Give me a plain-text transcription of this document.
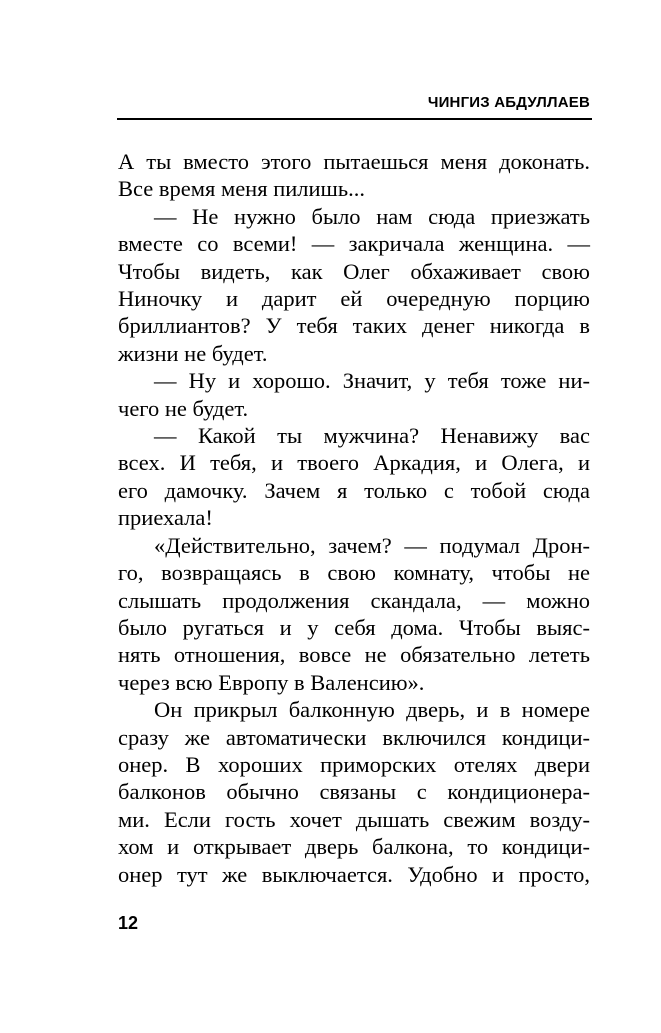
ЧИНГИЗ АБДУЛЛАЕВ
А ты вместо этого пытаешься меня доконать.
Все время меня пилишь...
— Не нужно было нам сюда приезжать
вместе со всеми! — закричала женщина. —
Чтобы видеть, как Олег обхаживает свою
Ниночку и дарит ей очередную порцию
бриллиантов? У тебя таких денег никогда в
жизни не будет.
— Ну и хорошо. Значит, у тебя тоже ни-
чего не будет.
— Какой ты мужчина? Ненавижу вас
всех. И тебя, и твоего Аркадия, и Олега, и
его дамочку. Зачем я только с тобой сюда
приехала!
«Действительно, зачем? — подумал Дрон-
го, возвращаясь в свою комнату, чтобы не
слышать продолжения скандала, — можно
было ругаться и у себя дома. Чтобы выяс-
нять отношения, вовсе не обязательно лететь
через всю Европу в Валенсию».
Он прикрыл балконную дверь, и в номере
сразу же автоматически включился кондици-
онер. В хороших приморских отелях двери
балконов обычно связаны с кондиционера-
ми. Если гость хочет дышать свежим возду-
хом и открывает дверь балкона, то кондици-
онер тут же выключается. Удобно и просто,
12
